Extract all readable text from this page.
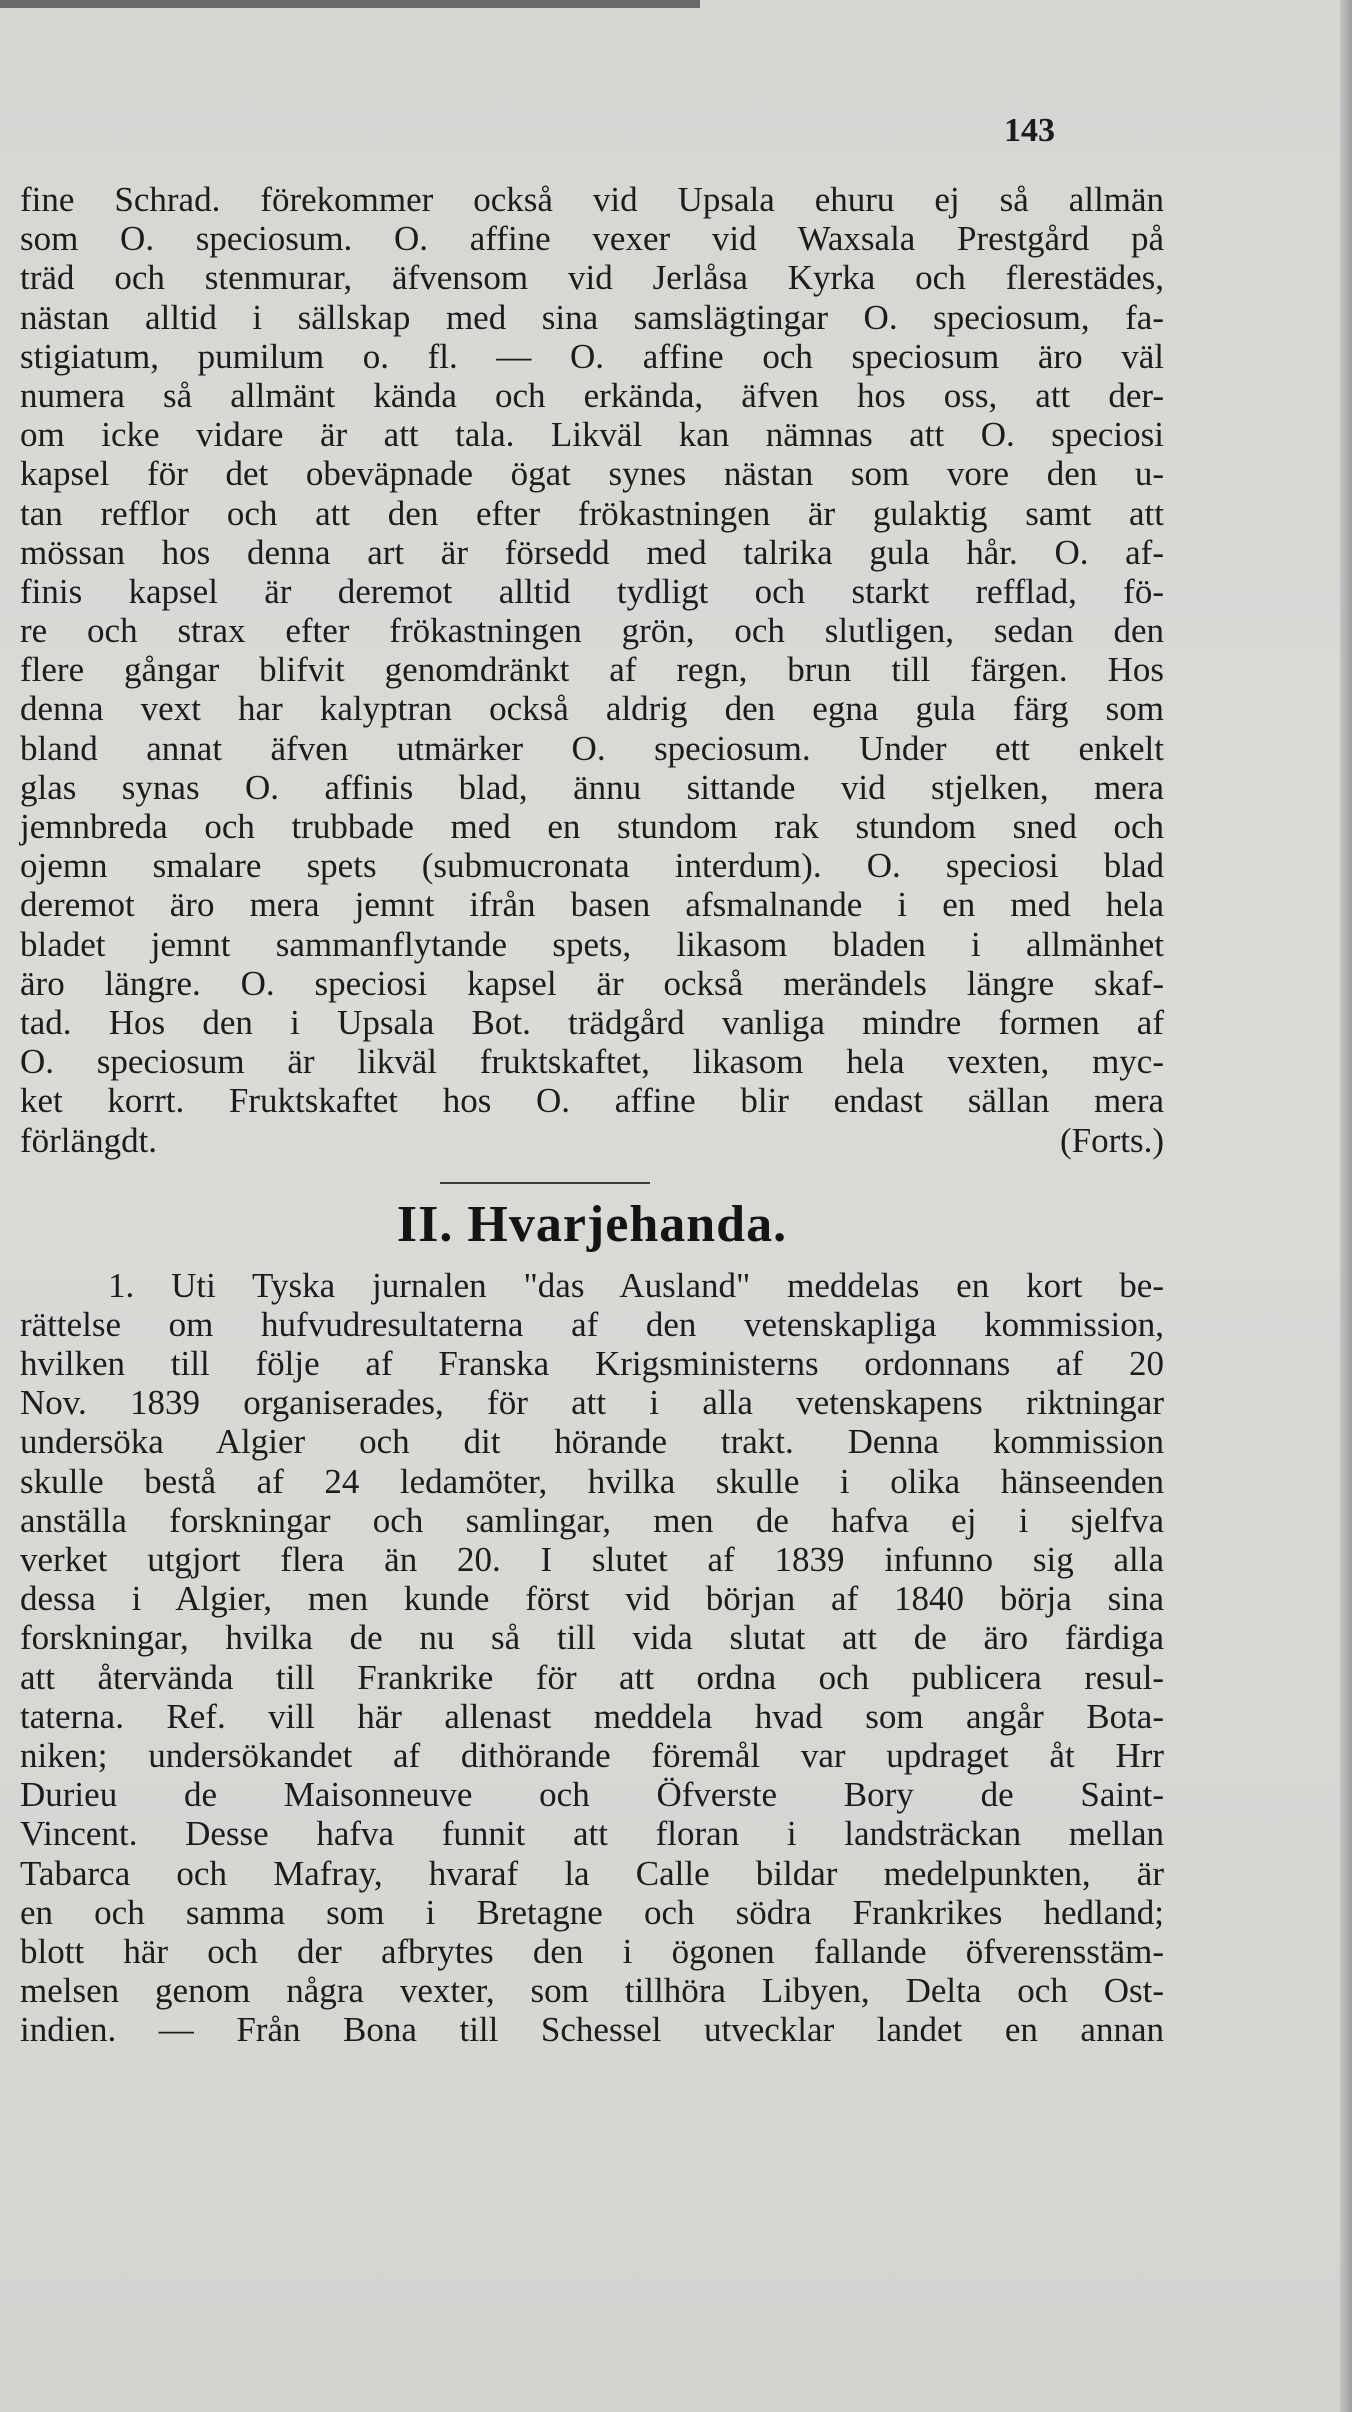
143
fine Schrad. förekommer också vid Upsala ehuru ej så allmän
som O. speciosum. O. affine vexer vid Waxsala Prestgård på
träd och stenmurar, äfvensom vid Jerlåsa Kyrka och flerestädes,
nästan alltid i sällskap med sina samslägtingar O. speciosum, fa-
stigiatum, pumilum o. fl. — O. affine och speciosum äro väl
numera så allmänt kända och erkända, äfven hos oss, att der-
om icke vidare är att tala. Likväl kan nämnas att O. speciosi
kapsel för det obeväpnade ögat synes nästan som vore den u-
tan refflor och att den efter frökastningen är gulaktig samt att
mössan hos denna art är försedd med talrika gula hår. O. af-
finis kapsel är deremot alltid tydligt och starkt refflad, fö-
re och strax efter frökastningen grön, och slutligen, sedan den
flere gångar blifvit genomdränkt af regn, brun till färgen. Hos
denna vext har kalyptran också aldrig den egna gula färg som
bland annat äfven utmärker O. speciosum. Under ett enkelt
glas synas O. affinis blad, ännu sittande vid stjelken, mera
jemnbreda och trubbade med en stundom rak stundom sned och
ojemn smalare spets (submucronata interdum). O. speciosi blad
deremot äro mera jemnt ifrån basen afsmalnande i en med hela
bladet jemnt sammanflytande spets, likasom bladen i allmänhet
äro längre. O. speciosi kapsel är också merändels längre skaf-
tad. Hos den i Upsala Bot. trädgård vanliga mindre formen af
O. speciosum är likväl fruktskaftet, likasom hela vexten, myc-
ket korrt. Fruktskaftet hos O. affine blir endast sällan mera
förlängdt.	(Forts.)
II. Hvarjehanda.
1. Uti Tyska jurnalen "das Ausland" meddelas en kort be-
rättelse om hufvudresultaterna af den vetenskapliga kommission,
hvilken till följe af Franska Krigsministerns ordonnans af 20
Nov. 1839 organiserades, för att i alla vetenskapens riktningar
undersöka Algier och dit hörande trakt. Denna kommission
skulle bestå af 24 ledamöter, hvilka skulle i olika hänseenden
anställa forskningar och samlingar, men de hafva ej i sjelfva
verket utgjort flera än 20. I slutet af 1839 infunno sig alla
dessa i Algier, men kunde först vid början af 1840 börja sina
forskningar, hvilka de nu så till vida slutat att de äro färdiga
att återvända till Frankrike för att ordna och publicera resul-
taterna. Ref. vill här allenast meddela hvad som angår Bota-
niken; undersökandet af dithörande föremål var updraget åt Hrr
Durieu de Maisonneuve och Öfverste Bory de Saint-
Vincent. Desse hafva funnit att floran i landsträckan mellan
Tabarca och Mafray, hvaraf la Calle bildar medelpunkten, är
en och samma som i Bretagne och södra Frankrikes hedland;
blott här och der afbrytes den i ögonen fallande öfverensstäm-
melsen genom några vexter, som tillhöra Libyen, Delta och Ost-
indien. — Från Bona till Schessel utvecklar landet en annan
